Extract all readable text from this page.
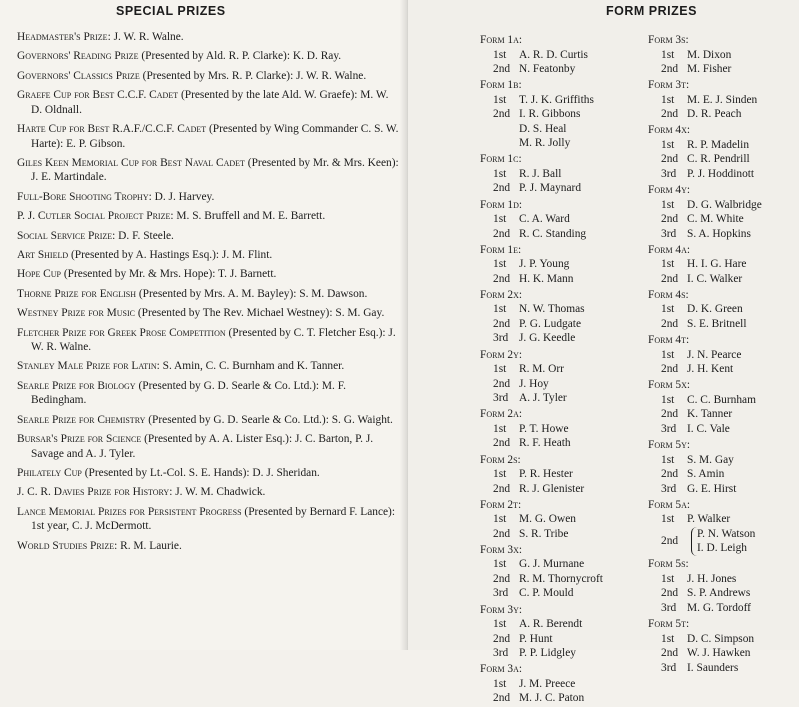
SPECIAL PRIZES
Headmaster's Prize: J. W. R. Walne.
Governors' Reading Prize (Presented by Ald. R. P. Clarke): K. D. Ray.
Governors' Classics Prize (Presented by Mrs. R. P. Clarke): J. W. R. Walne.
Graefe Cup for Best C.C.F. Cadet (Presented by the late Ald. W. Graefe): M. W. D. Oldnall.
Harte Cup for Best R.A.F./C.C.F. Cadet (Presented by Wing Commander C. S. W. Harte): E. P. Gibson.
Giles Keen Memorial Cup for Best Naval Cadet (Presented by Mr. & Mrs. Keen): J. E. Martindale.
Full-Bore Shooting Trophy: D. J. Harvey.
P. J. Cutler Social Project Prize: M. S. Bruffell and M. E. Barrett.
Social Service Prize: D. F. Steele.
Art Shield (Presented by A. Hastings Esq.): J. M. Flint.
Hope Cup (Presented by Mr. & Mrs. Hope): T. J. Barnett.
Thorne Prize for English (Presented by Mrs. A. M. Bayley): S. M. Dawson.
Westney Prize for Music (Presented by The Rev. Michael Westney): S. M. Gay.
Fletcher Prize for Greek Prose Competition (Presented by C. T. Fletcher Esq.): J. W. R. Walne.
Stanley Male Prize for Latin: S. Amin, C. C. Burnham and K. Tanner.
Searle Prize for Biology (Presented by G. D. Searle & Co. Ltd.): M. F. Bedingham.
Searle Prize for Chemistry (Presented by G. D. Searle & Co. Ltd.): S. G. Waight.
Bursar's Prize for Science (Presented by A. A. Lister Esq.): J. C. Barton, P. J. Savage and A. J. Tyler.
Philately Cup (Presented by Lt.-Col. S. E. Hands): D. J. Sheridan.
J. C. R. Davies Prize for History: J. W. M. Chadwick.
Lance Memorial Prizes for Persistent Progress (Presented by Bernard F. Lance): 1st year, C. J. McDermott.
World Studies Prize: R. M. Laurie.
FORM PRIZES
Form 1a:
1st A. R. D. Curtis
2nd N. Featonby
Form 1b:
1st T. J. K. Griffiths
2nd I. R. Gibbons
D. S. Heal
M. R. Jolly
Form 1c:
1st R. J. Ball
2nd P. J. Maynard
Form 1d:
1st C. A. Ward
2nd R. C. Standing
Form 1e:
1st J. P. Young
2nd H. K. Mann
Form 2x:
1st N. W. Thomas
2nd P. G. Ludgate
3rd J. G. Keedle
Form 2y:
1st R. M. Orr
2nd J. Hoy
3rd A. J. Tyler
Form 2a:
1st P. T. Howe
2nd R. F. Heath
Form 2s:
1st P. R. Hester
2nd R. J. Glenister
Form 2t:
1st M. G. Owen
2nd S. R. Tribe
Form 3x:
1st G. J. Murnane
2nd R. M. Thornycroft
3rd C. P. Mould
Form 3y:
1st A. R. Berendt
2nd P. Hunt
3rd P. P. Lidgley
Form 3a:
1st J. M. Preece
2nd M. J. C. Paton
Form 3s:
1st M. Dixon
2nd M. Fisher
Form 3t:
1st M. E. J. Sinden
2nd D. R. Peach
Form 4x:
1st R. P. Madelin
2nd C. R. Pendrill
3rd P. J. Hoddinott
Form 4y:
1st D. G. Walbridge
2nd C. M. White
3rd S. A. Hopkins
Form 4a:
1st H. I. G. Hare
2nd I. C. Walker
Form 4s:
1st D. K. Green
2nd S. E. Britnell
Form 4t:
1st J. N. Pearce
2nd J. H. Kent
Form 5x:
1st C. C. Burnham
2nd K. Tanner
3rd I. C. Vale
Form 5y:
1st S. M. Gay
2nd S. Amin
3rd G. E. Hirst
Form 5a:
1st P. Walker
2nd
P. N. Watson
I. D. Leigh
Form 5s:
1st J. H. Jones
2nd S. P. Andrews
3rd M. G. Tordoff
Form 5t:
1st D. C. Simpson
2nd W. J. Hawken
3rd I. Saunders
